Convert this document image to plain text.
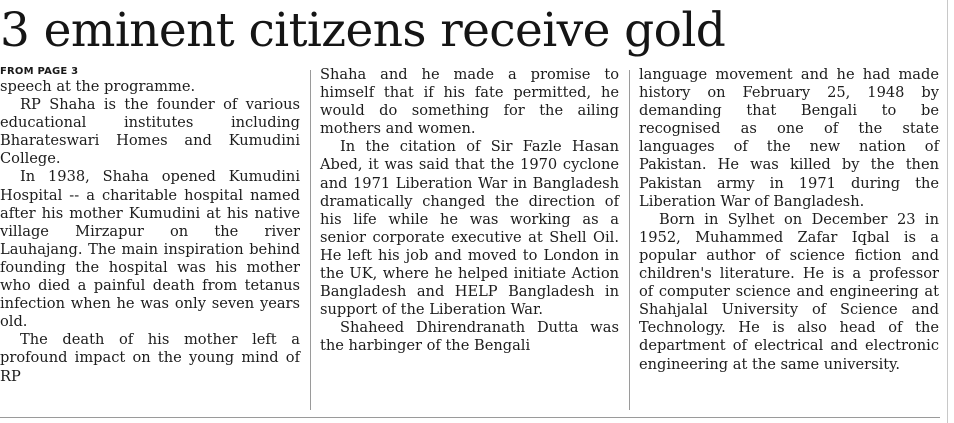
3 eminent citizens receive gold
FROM PAGE 3

speech at the programme.

RP Shaha is the founder of various educational institutes including Bharateswari Homes and Kumudini College.

In 1938, Shaha opened Kumudini Hospital -- a charitable hospital named after his mother Kumudini at his native village Mirzapur on the river Lauhajang. The main inspiration behind founding the hospital was his mother who died a painful death from tetanus infection when he was only seven years old.

The death of his mother left a profound impact on the young mind of RP

Shaha and he made a promise to himself that if his fate permitted, he would do something for the ailing mothers and women.

In the citation of Sir Fazle Hasan Abed, it was said that the 1970 cyclone and 1971 Liberation War in Bangladesh dramatically changed the direction of his life while he was working as a senior corporate executive at Shell Oil. He left his job and moved to London in the UK, where he helped initiate Action Bangladesh and HELP Bangladesh in support of the Liberation War.

Shaheed Dhirendranath Dutta was the harbinger of the Bengali

language movement and he had made history on February 25, 1948 by demanding that Bengali to be recognised as one of the state languages of the new nation of Pakistan. He was killed by the then Pakistan army in 1971 during the Liberation War of Bangladesh.

Born in Sylhet on December 23 in 1952, Muhammed Zafar Iqbal is a popular author of science fiction and children's literature. He is a professor of computer science and engineering at Shahjalal University of Science and Technology. He is also head of the department of electrical and electronic engineering at the same university.
